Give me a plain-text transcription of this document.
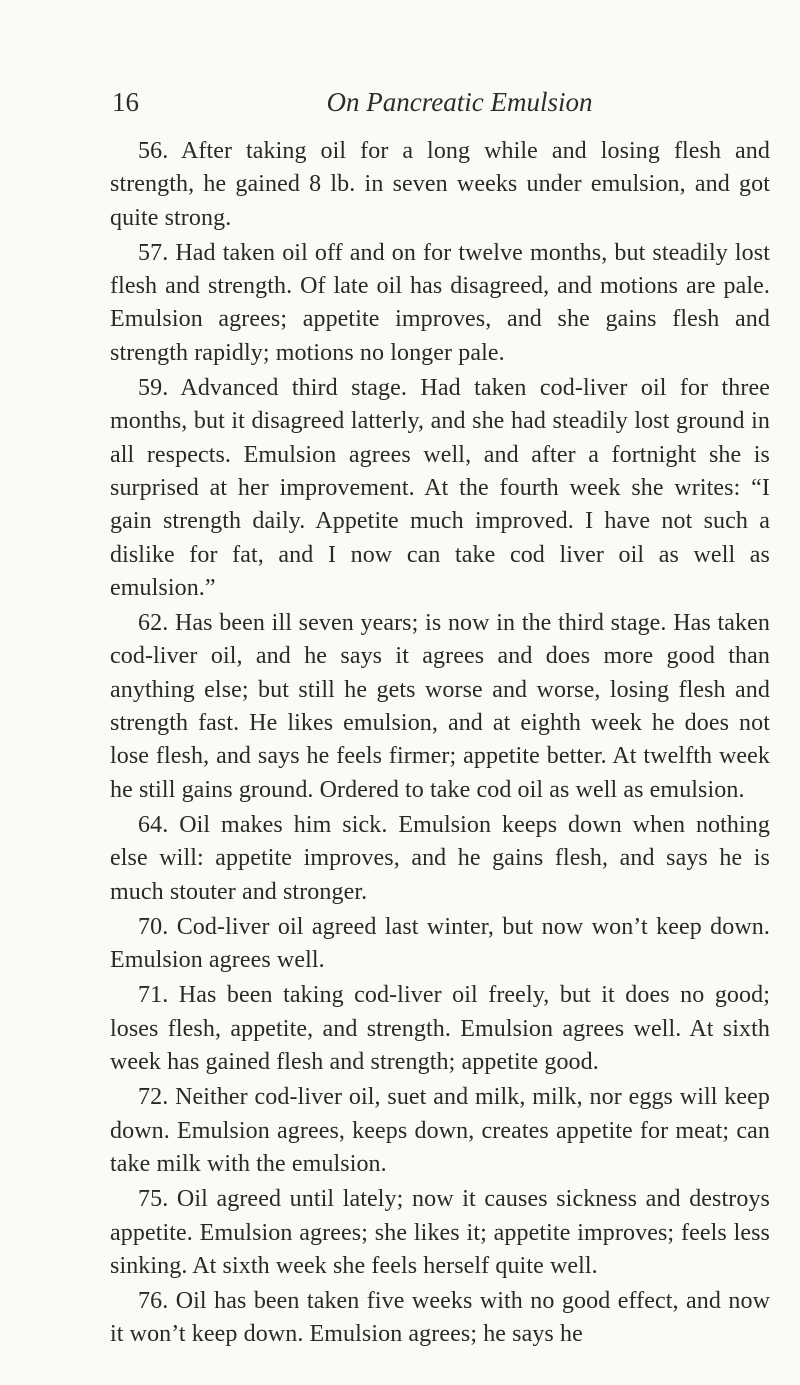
16	On Pancreatic Emulsion

56. After taking oil for a long while and losing flesh and strength, he gained 8 lb. in seven weeks under emulsion, and got quite strong.

57. Had taken oil off and on for twelve months, but steadily lost flesh and strength. Of late oil has disagreed, and motions are pale. Emulsion agrees; appetite improves, and she gains flesh and strength rapidly; motions no longer pale.

59. Advanced third stage. Had taken cod-liver oil for three months, but it disagreed latterly, and she had steadily lost ground in all respects. Emulsion agrees well, and after a fortnight she is surprised at her improvement. At the fourth week she writes: “I gain strength daily. Appetite much improved. I have not such a dislike for fat, and I now can take cod liver oil as well as emulsion.”

62. Has been ill seven years; is now in the third stage. Has taken cod-liver oil, and he says it agrees and does more good than anything else; but still he gets worse and worse, losing flesh and strength fast. He likes emulsion, and at eighth week he does not lose flesh, and says he feels firmer; appetite better. At twelfth week he still gains ground. Ordered to take cod oil as well as emulsion.

64. Oil makes him sick. Emulsion keeps down when nothing else will: appetite improves, and he gains flesh, and says he is much stouter and stronger.

70. Cod-liver oil agreed last winter, but now won’t keep down. Emulsion agrees well.

71. Has been taking cod-liver oil freely, but it does no good; loses flesh, appetite, and strength. Emulsion agrees well. At sixth week has gained flesh and strength; appetite good.

72. Neither cod-liver oil, suet and milk, milk, nor eggs will keep down. Emulsion agrees, keeps down, creates appetite for meat; can take milk with the emulsion.

75. Oil agreed until lately; now it causes sickness and destroys appetite. Emulsion agrees; she likes it; appetite improves; feels less sinking. At sixth week she feels herself quite well.

76. Oil has been taken five weeks with no good effect, and now it won’t keep down. Emulsion agrees; he says he
